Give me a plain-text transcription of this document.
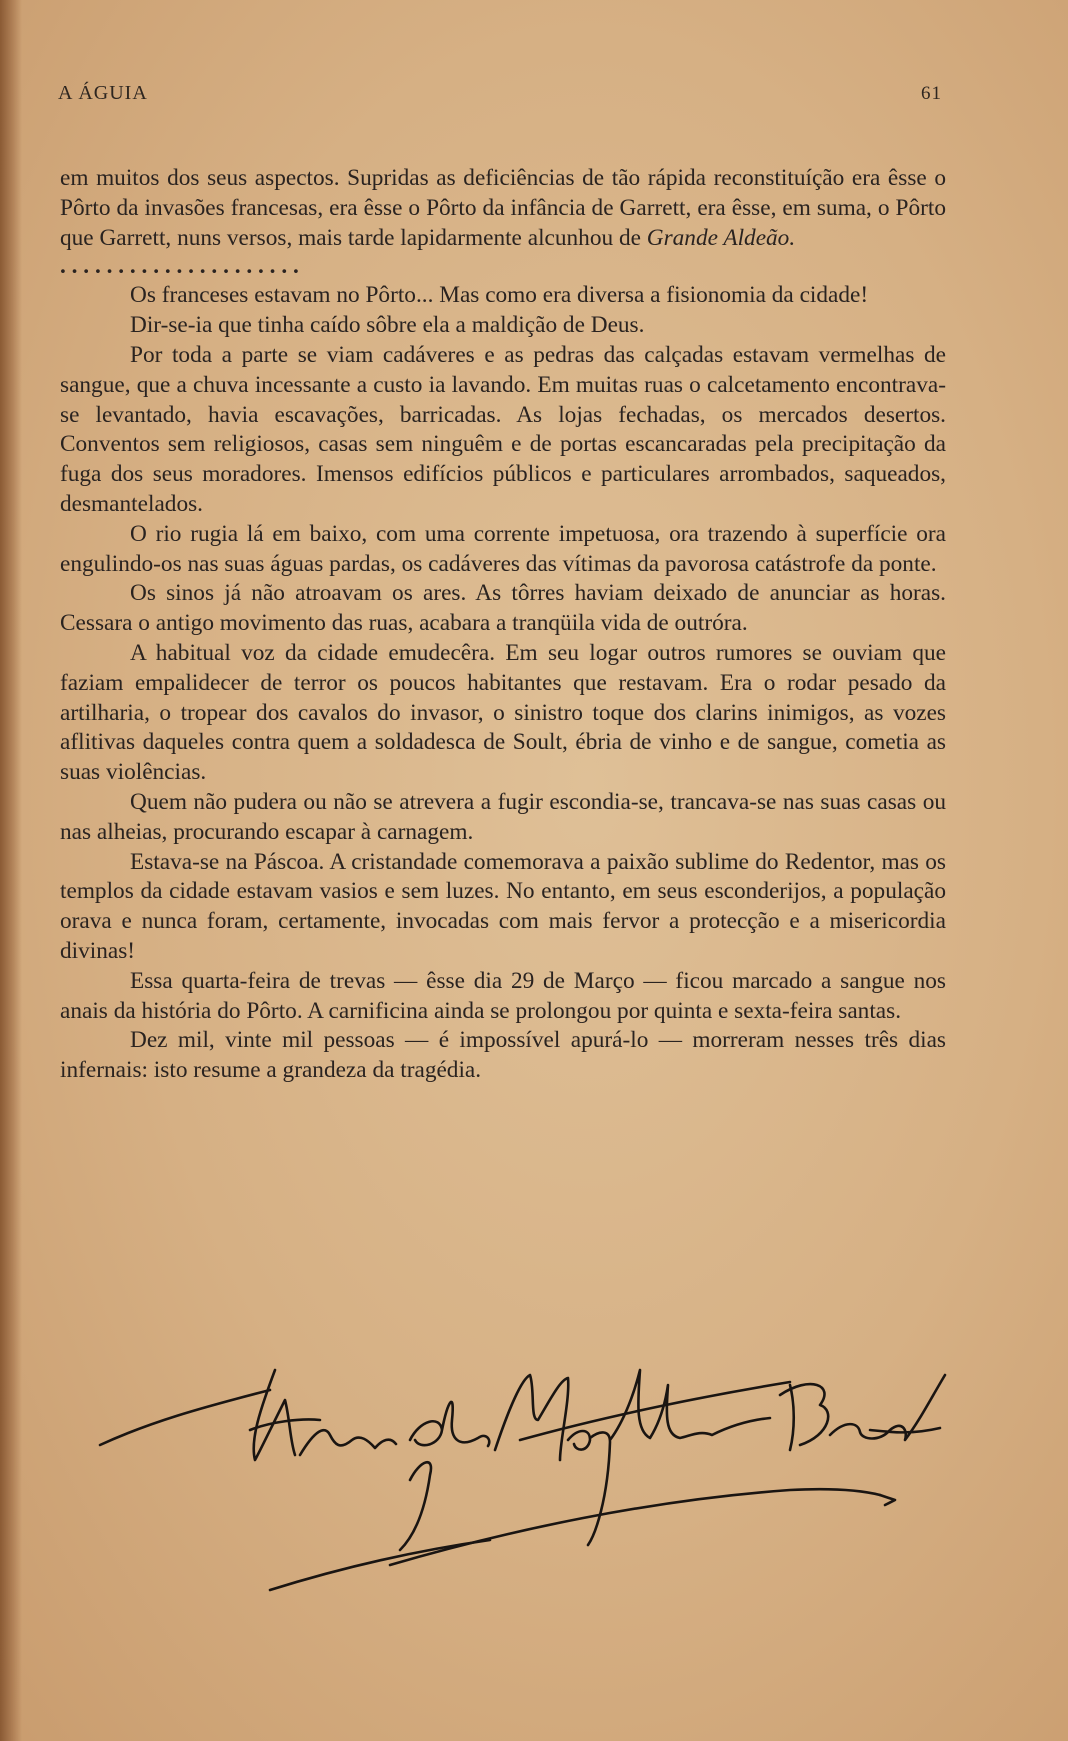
A ÁGUIA	61

em muitos dos seus aspectos. Supridas as deficiências de tão rápida reconstituíção era êsse o Pôrto da invasões francesas, era êsse o Pôrto da infância de Garrett, era êsse, em suma, o Pôrto que Garrett, nuns versos, mais tarde lapidarmente alcunhou de Grande Aldeão.

. . . . . . . . . . . . . . . . . . . . .

Os franceses estavam no Pôrto... Mas como era diversa a fisionomia da cidade!

Dir-se-ia que tinha caído sôbre ela a maldição de Deus.

Por toda a parte se viam cadáveres e as pedras das calçadas estavam vermelhas de sangue, que a chuva incessante a custo ia lavando. Em muitas ruas o calcetamento encontrava-se levantado, havia escavações, barricadas. As lojas fechadas, os mercados desertos. Conventos sem religiosos, casas sem ninguêm e de portas escancaradas pela precipitação da fuga dos seus moradores. Imensos edifícios públicos e particulares arrombados, saqueados, desmantelados.

O rio rugia lá em baixo, com uma corrente impetuosa, ora trazendo à superfície ora engulindo-os nas suas águas pardas, os cadáveres das vítimas da pavorosa catástrofe da ponte.

Os sinos já não atroavam os ares. As tôrres haviam deixado de anunciar as horas. Cessara o antigo movimento das ruas, acabara a tranqüila vida de outróra.

A habitual voz da cidade emudecêra. Em seu logar outros rumores se ouviam que faziam empalidecer de terror os poucos habitantes que restavam. Era o rodar pesado da artilharia, o tropear dos cavalos do invasor, o sinistro toque dos clarins inimigos, as vozes aflitivas daqueles contra quem a soldadesca de Soult, ébria de vinho e de sangue, cometia as suas violências.

Quem não pudera ou não se atrevera a fugir escondia-se, trancava-se nas suas casas ou nas alheias, procurando escapar à carnagem.

Estava-se na Páscoa. A cristandade comemorava a paixão sublime do Redentor, mas os templos da cidade estavam vasios e sem luzes. No entanto, em seus esconderijos, a população orava e nunca foram, certamente, invocadas com mais fervor a protecção e a misericordia divinas!

Essa quarta-feira de trevas — êsse dia 29 de Março — ficou marcado a sangue nos anais da história do Pôrto. A carnificina ainda se prolongou por quinta e sexta-feira santas.

Dez mil, vinte mil pessoas — é impossível apurá-lo — morreram nesses três dias infernais: isto resume a grandeza da tragédia.
